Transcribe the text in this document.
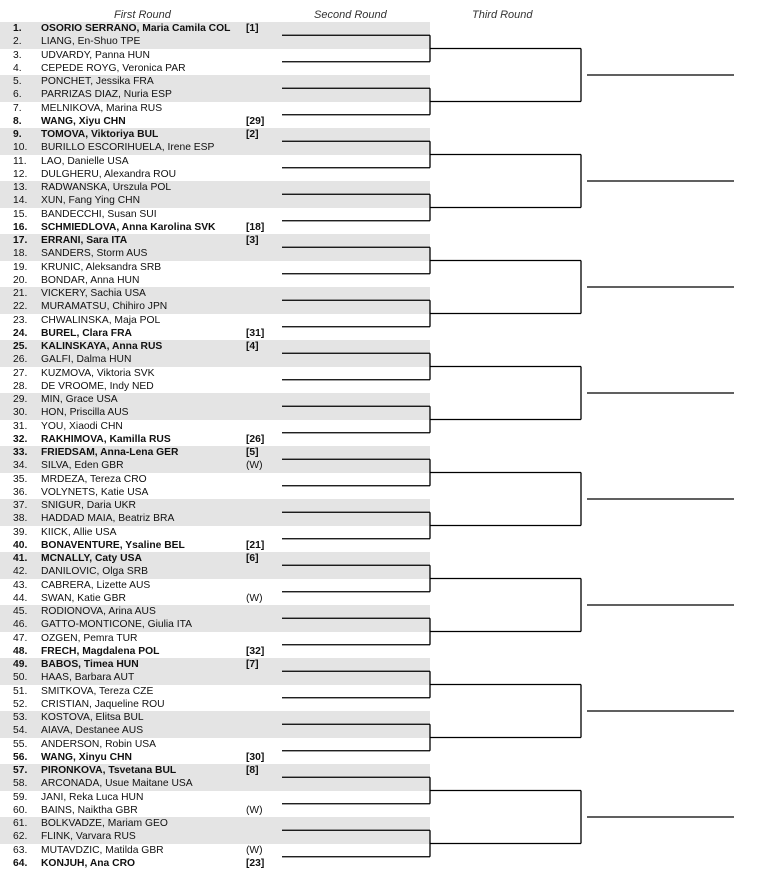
First Round	Second Round	Third Round
1.	OSORIO SERRANO, Maria Camila COL [1]
2.	LIANG, En-Shuo TPE
3.	UDVARDY, Panna HUN
4.	CEPEDE ROYG, Veronica PAR
5.	PONCHET, Jessika FRA
6.	PARRIZAS DIAZ, Nuria ESP
7.	MELNIKOVA, Marina RUS
8.	WANG, Xiyu CHN	[29]
9.	TOMOVA, Viktoriya BUL	[2]
10.	BURILLO ESCORIHUELA, Irene ESP
11.	LAO, Danielle USA
12.	DULGHERU, Alexandra ROU
13.	RADWANSKA, Urszula POL
14.	XUN, Fang Ying CHN
15.	BANDECCHI, Susan SUI
16.	SCHMIEDLOVA, Anna Karolina SVK	[18]
17.	ERRANI, Sara ITA	[3]
18.	SANDERS, Storm AUS
19.	KRUNIC, Aleksandra SRB
20.	BONDAR, Anna HUN
21.	VICKERY, Sachia USA
22.	MURAMATSU, Chihiro JPN
23.	CHWALINSKA, Maja POL
24.	BUREL, Clara FRA	[31]
25.	KALINSKAYA, Anna RUS	[4]
26.	GALFI, Dalma HUN
27.	KUZMOVA, Viktoria SVK
28.	DE VROOME, Indy NED
29.	MIN, Grace USA
30.	HON, Priscilla AUS
31.	YOU, Xiaodi CHN
32.	RAKHIMOVA, Kamilla RUS	[26]
33.	FRIEDSAM, Anna-Lena GER	[5]
34.	SILVA, Eden GBR	(W)
35.	MRDEZA, Tereza CRO
36.	VOLYNETS, Katie USA
37.	SNIGUR, Daria UKR
38.	HADDAD MAIA, Beatriz BRA
39.	KIICK, Allie USA
40.	BONAVENTURE, Ysaline BEL	[21]
41.	MCNALLY, Caty USA	[6]
42.	DANILOVIC, Olga SRB
43.	CABRERA, Lizette AUS
44.	SWAN, Katie GBR	(W)
45.	RODIONOVA, Arina AUS
46.	GATTO-MONTICONE, Giulia ITA
47.	OZGEN, Pemra TUR
48.	FRECH, Magdalena POL	[32]
49.	BABOS, Timea HUN	[7]
50.	HAAS, Barbara AUT
51.	SMITKOVA, Tereza CZE
52.	CRISTIAN, Jaqueline ROU
53.	KOSTOVA, Elitsa BUL
54.	AIAVA, Destanee AUS
55.	ANDERSON, Robin USA
56.	WANG, Xinyu CHN	[30]
57.	PIRONKOVA, Tsvetana BUL	[8]
58.	ARCONADA, Usue Maitane USA
59.	JANI, Reka Luca HUN
60.	BAINS, Naiktha GBR	(W)
61.	BOLKVADZE, Mariam GEO
62.	FLINK, Varvara RUS
63.	MUTAVDZIC, Matilda GBR	(W)
64.	KONJUH, Ana CRO	[23]
